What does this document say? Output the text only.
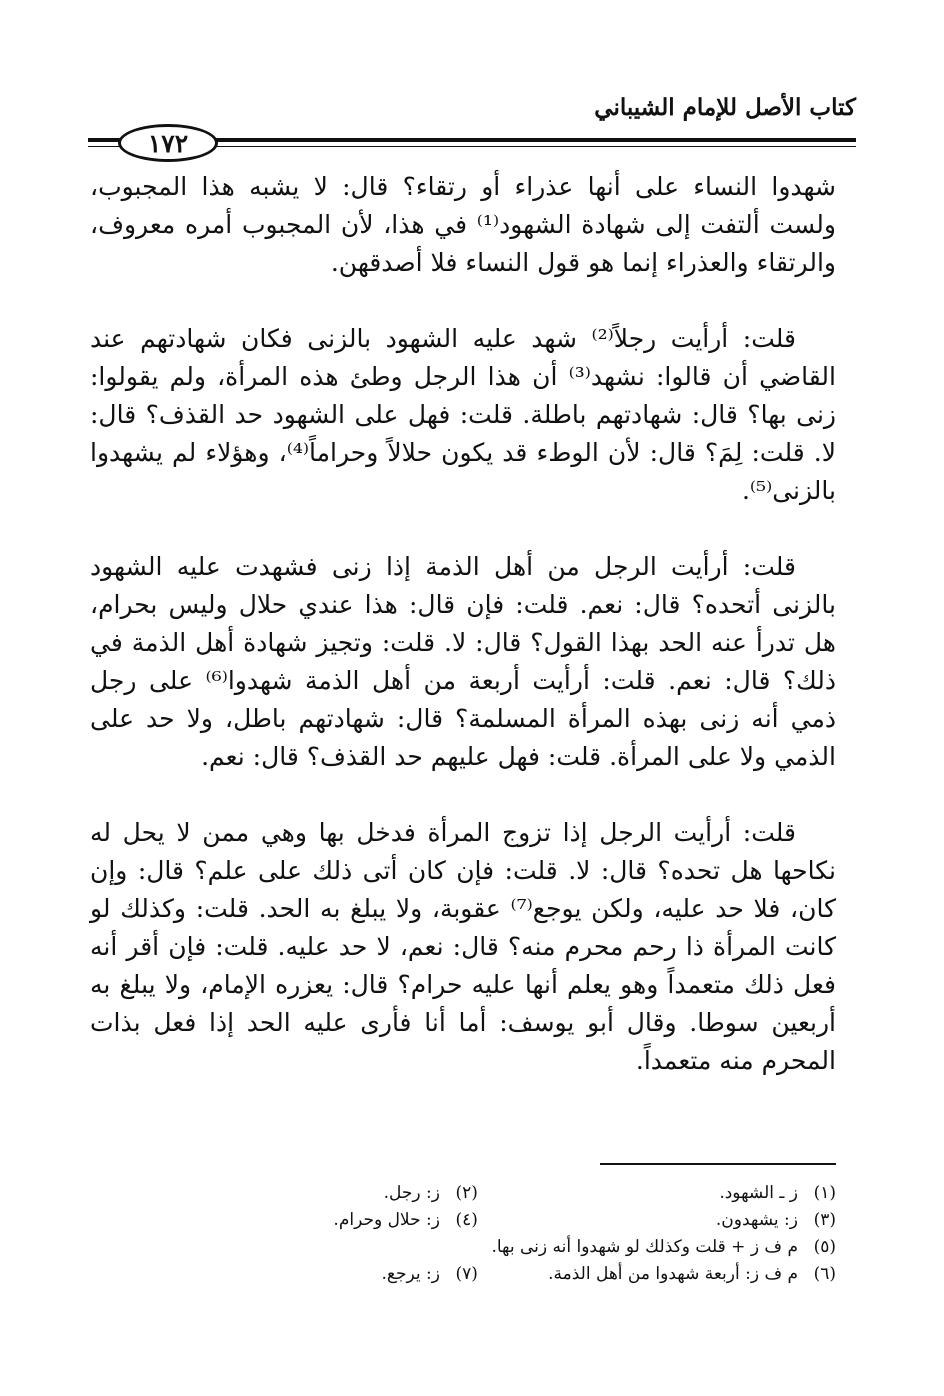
كتاب الأصل للإمام الشيباني
١٧٢

شهدوا النساء على أنها عذراء أو رتقاء؟ قال: لا يشبه هذا المجبوب، ولست ألتفت إلى شهادة الشهود⁽¹⁾ في هذا، لأن المجبوب أمره معروف، والرتقاء والعذراء إنما هو قول النساء فلا أصدقهن.

قلت: أرأيت رجلاً⁽²⁾ شهد عليه الشهود بالزنى فكان شهادتهم عند القاضي أن قالوا: نشهد⁽³⁾ أن هذا الرجل وطئ هذه المرأة، ولم يقولوا: زنى بها؟ قال: شهادتهم باطلة. قلت: فهل على الشهود حد القذف؟ قال: لا. قلت: لِمَ؟ قال: لأن الوطء قد يكون حلالاً وحراماً⁽⁴⁾، وهؤلاء لم يشهدوا بالزنى⁽⁵⁾.

قلت: أرأيت الرجل من أهل الذمة إذا زنى فشهدت عليه الشهود بالزنى أتحده؟ قال: نعم. قلت: فإن قال: هذا عندي حلال وليس بحرام، هل تدرأ عنه الحد بهذا القول؟ قال: لا. قلت: وتجيز شهادة أهل الذمة في ذلك؟ قال: نعم. قلت: أرأيت أربعة من أهل الذمة شهدوا⁽⁶⁾ على رجل ذمي أنه زنى بهذه المرأة المسلمة؟ قال: شهادتهم باطل، ولا حد على الذمي ولا على المرأة. قلت: فهل عليهم حد القذف؟ قال: نعم.

قلت: أرأيت الرجل إذا تزوج المرأة فدخل بها وهي ممن لا يحل له نكاحها هل تحده؟ قال: لا. قلت: فإن كان أتى ذلك على علم؟ قال: وإن كان، فلا حد عليه، ولكن يوجع⁽⁷⁾ عقوبة، ولا يبلغ به الحد. قلت: وكذلك لو كانت المرأة ذا رحم محرم منه؟ قال: نعم، لا حد عليه. قلت: فإن أقر أنه فعل ذلك متعمداً وهو يعلم أنها عليه حرام؟ قال: يعزره الإمام، ولا يبلغ به أربعين سوطا. وقال أبو يوسف: أما أنا فأرى عليه الحد إذا فعل بذات المحرم منه متعمداً.

(١)ز ـ الشهود.
(٢)ز: رجل.
(٣)ز: يشهدون.
(٤)ز: حلال وحرام.
(٥)م ف ز + قلت وكذلك لو شهدوا أنه زنى بها.
(٦)م ف ز: أربعة شهدوا من أهل الذمة.
(٧)ز: يرجع.
